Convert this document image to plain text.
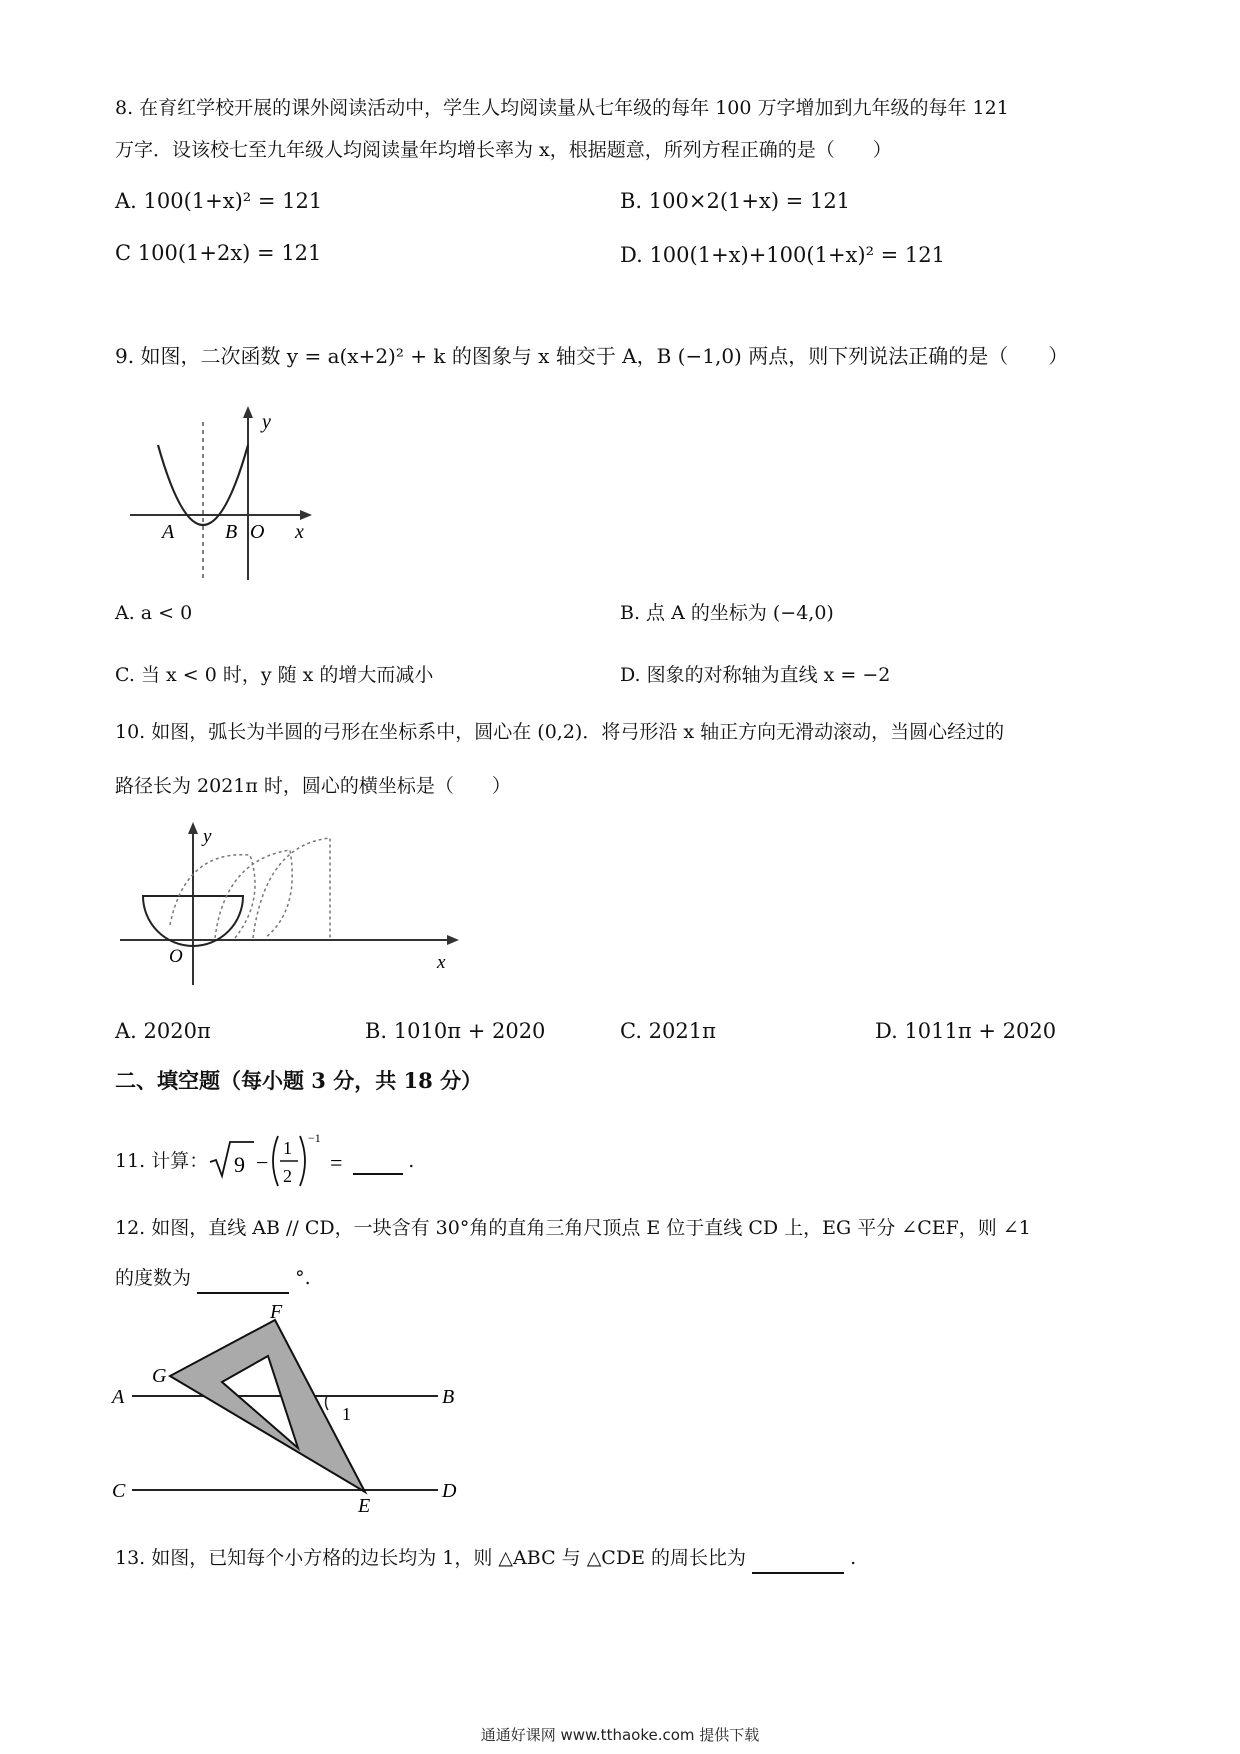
8. 在育红学校开展的课外阅读活动中，学生人均阅读量从七年级的每年 100 万字增加到九年级的每年 121
万字．设该校七至九年级人均阅读量年均增长率为 x，根据题意，所列方程正确的是（　　）
A. 100(1+x)² = 121	B. 100×2(1+x) = 121
C 100(1+2x) = 121	D. 100(1+x)+100(1+x)² = 121
9. 如图，二次函数 y = a(x+2)² + k 的图象与 x 轴交于 A，B (−1,0) 两点，则下列说法正确的是（　　）
y
A	B O x
A. a < 0	B. 点 A 的坐标为 (−4,0)
C. 当 x < 0 时，y 随 x 的增大而减小	D. 图象的对称轴为直线 x = −2
10. 如图，弧长为半圆的弓形在坐标系中，圆心在 (0,2)．将弓形沿 x 轴正方向无滑动滚动，当圆心经过的
路径长为 2021π 时，圆心的横坐标是（　　）
y
O	x
A. 2020π	B. 1010π + 2020	C. 2021π	D. 1011π + 2020
二、填空题（每小题 3 分，共 18 分）
11. 计算： 9 −
1
2
−1
=	.
12. 如图，直线 AB // CD，一块含有 30°角的直角三角尺顶点 E 位于直线 CD 上，EG 平分 ∠CEF，则 ∠1
的度数为	°.
F
G
A	B
1
C
E
D
13. 如图，已知每个小方格的边长均为 1，则 △ABC 与 △CDE 的周长比为	.
通通好课网 www.tthaoke.com 提供下载
